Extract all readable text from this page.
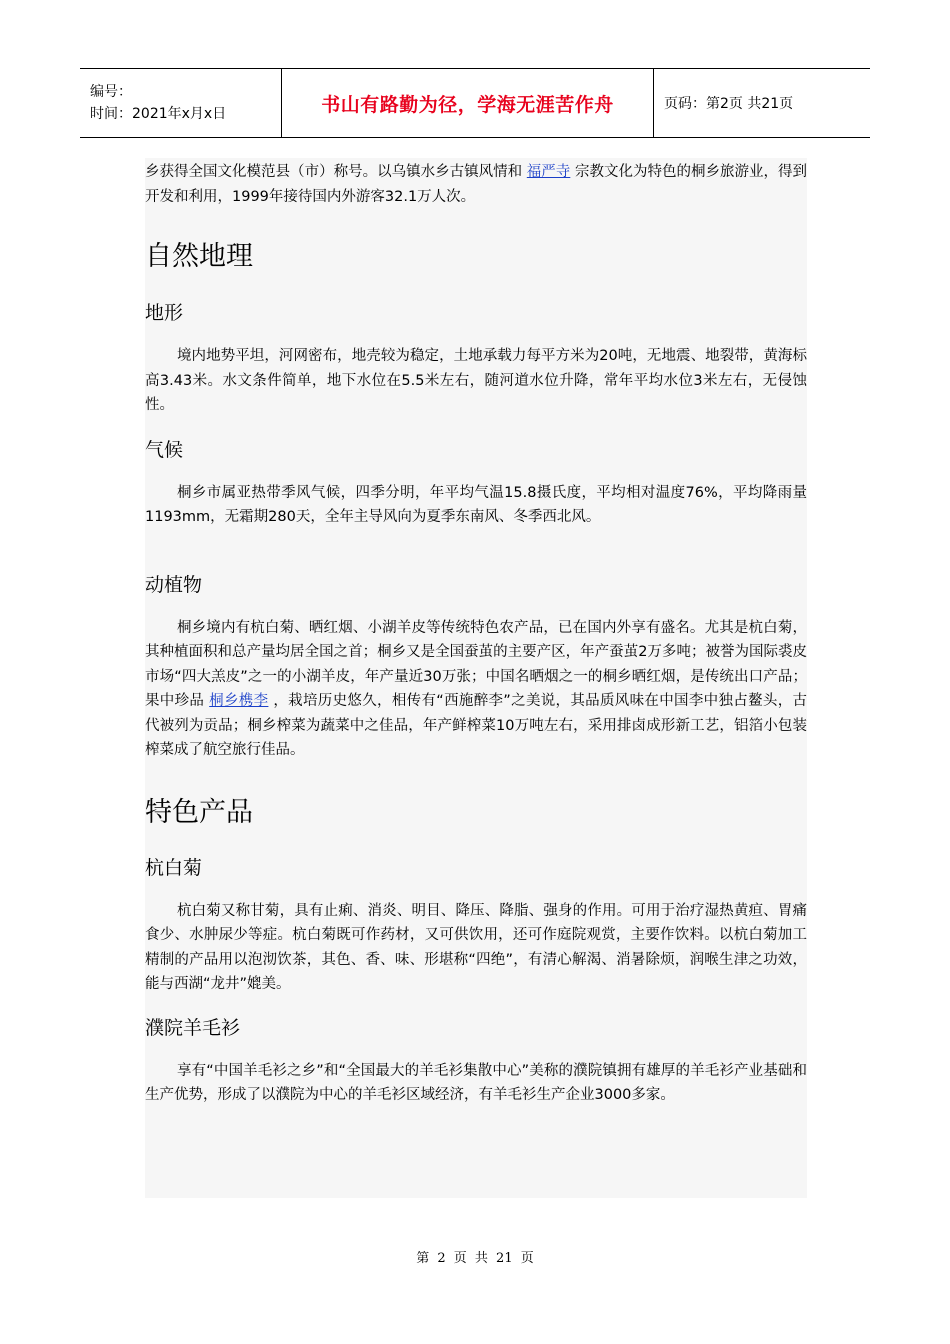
编号：
时间：2021年x月x日	书山有路勤为径，学海无涯苦作舟	页码：第2页 共21页

乡获得全国文化模范县（市）称号。以乌镇水乡古镇风情和 福严寺 宗教文化为特色的桐乡旅游业，得到开发和利用，1999年接待国内外游客32.1万人次。

自然地理
地形

境内地势平坦，河网密布，地壳较为稳定，土地承载力每平方米为20吨，无地震、地裂带，黄海标高3.43米。水文条件简单，地下水位在5.5米左右，随河道水位升降，常年平均水位3米左右，无侵蚀性。

气候

桐乡市属亚热带季风气候，四季分明，年平均气温15.8摄氏度，平均相对温度76%，平均降雨量1193mm，无霜期280天，全年主导风向为夏季东南风、冬季西北风。

动植物

桐乡境内有杭白菊、晒红烟、小湖羊皮等传统特色农产品，已在国内外享有盛名。尤其是杭白菊，其种植面积和总产量均居全国之首；桐乡又是全国蚕茧的主要产区，年产蚕茧2万多吨；被誉为国际裘皮市场“四大羔皮”之一的小湖羊皮，年产量近30万张；中国名晒烟之一的桐乡晒红烟，是传统出口产品；果中珍品 桐乡槜李 ，栽培历史悠久，相传有“西施醉李”之美说，其品质风味在中国李中独占鳌头，古代被列为贡品；桐乡榨菜为蔬菜中之佳品，年产鲜榨菜10万吨左右，采用排卤成形新工艺，铝箔小包装榨菜成了航空旅行佳品。

特色产品
杭白菊

杭白菊又称甘菊，具有止痢、消炎、明目、降压、降脂、强身的作用。可用于治疗湿热黄疸、胃痛食少、水肿尿少等症。杭白菊既可作药材，又可供饮用，还可作庭院观赏，主要作饮料。以杭白菊加工精制的产品用以泡沏饮茶，其色、香、味、形堪称“四绝”，有清心解渴、消暑除烦，润喉生津之功效，能与西湖“龙井”媲美。

濮院羊毛衫

享有“中国羊毛衫之乡”和“全国最大的羊毛衫集散中心”美称的濮院镇拥有雄厚的羊毛衫产业基础和生产优势，形成了以濮院为中心的羊毛衫区域经济，有羊毛衫生产企业3000多家。

第 2 页 共 21 页
